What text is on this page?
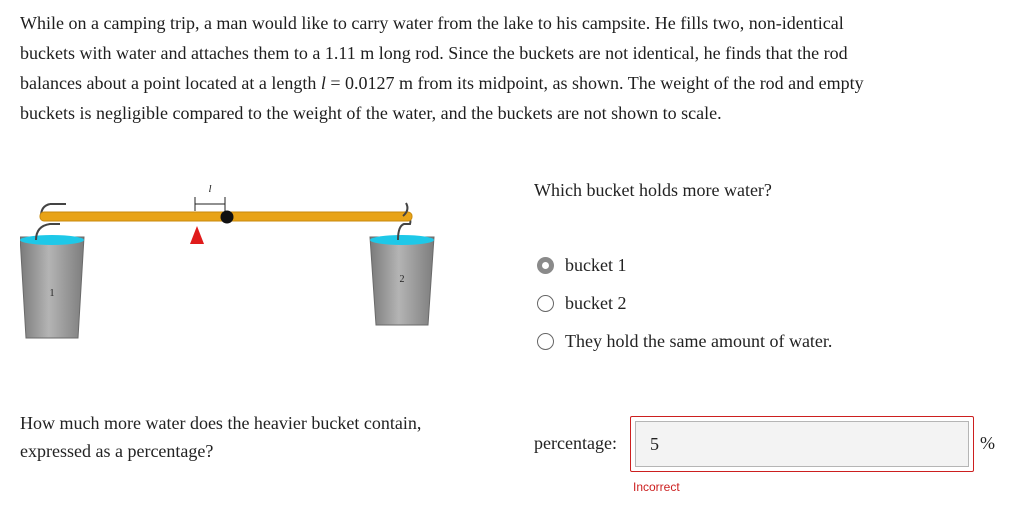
While on a camping trip, a man would like to carry water from the lake to his campsite. He fills two, non-identical
buckets with water and attaches them to a 1.11 m long rod. Since the buckets are not identical, he finds that the rod
balances about a point located at a length l = 0.0127 m from its midpoint, as shown. The weight of the rod and empty
buckets is negligible compared to the weight of the water, and the buckets are not shown to scale.
1
2
l	Which bucket holds more water?
bucket 1
bucket 2
They hold the same amount of water.
How much more water does the heavier bucket contain,
expressed as a percentage?	percentage:
5	%
Incorrect
